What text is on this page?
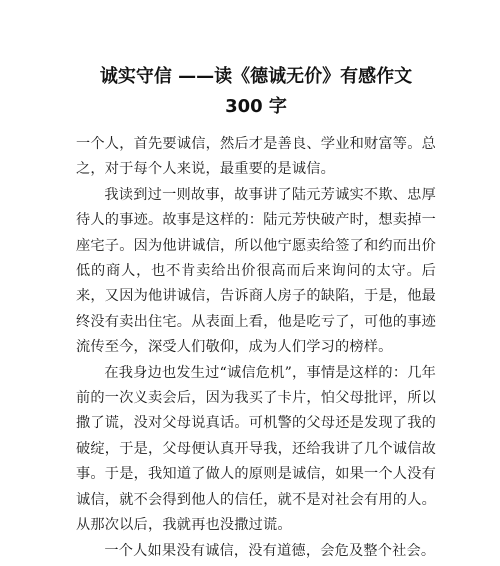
诚实守信 ——读《德诚无价》有感作文
300 字

一个人，首先要诚信，然后才是善良、学业和财富等。总之，对于每个人来说，最重要的是诚信。

我读到过一则故事，故事讲了陆元芳诚实不欺、忠厚待人的事迹。故事是这样的：陆元芳快破产时，想卖掉一座宅子。因为他讲诚信，所以他宁愿卖给签了和约而出价低的商人，也不肯卖给出价很高而后来询问的太守。后来，又因为他讲诚信，告诉商人房子的缺陷，于是，他最终没有卖出住宅。从表面上看，他是吃亏了，可他的事迹流传至今，深受人们敬仰，成为人们学习的榜样。

在我身边也发生过“诚信危机”，事情是这样的：几年前的一次义卖会后，因为我买了卡片，怕父母批评，所以撒了谎，没对父母说真话。可机警的父母还是发现了我的破绽，于是，父母便认真开导我，还给我讲了几个诚信故事。于是，我知道了做人的原则是诚信，如果一个人没有诚信，就不会得到他人的信任，就不是对社会有用的人。从那次以后，我就再也没撒过谎。

一个人如果没有诚信，没有道德，会危及整个社会。
